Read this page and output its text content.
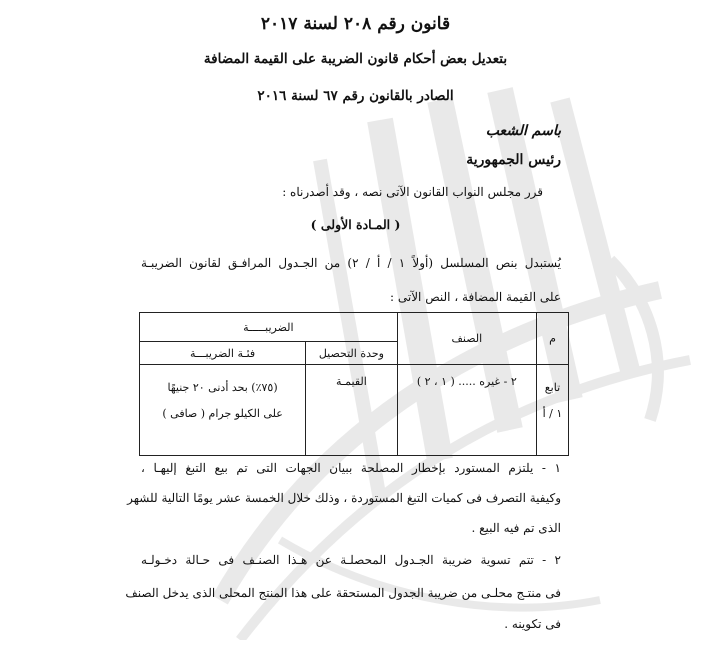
قانون رقم ٢٠٨ لسنة ٢٠١٧
بتعديل بعض أحكام قانون الضريبة على القيمة المضافة
الصادر بالقانون رقم ٦٧ لسنة ٢٠١٦
باسم الشعب
رئيس الجمهورية
قرر مجلس النواب القانون الآتى نصه ، وقد أصدرناه :
( المـادة الأولى )
يُستبدل بنص المسلسل (أولاً ١ / أ / ٢) من الجـدول المرافـق لقانون الضريبـة
على القيمة المضافة ، النص الآتى :
م	الصنف	الضريبـــــة	
		وحدة التحصيل	فئـة الضريبـــة

تابع
١ / أ	٢ - غيره ..... ( ١ ، ٢ )	القيمـة	(٧٥٪) بحد أدنى ٢٠ جنيهًا
على الكيلو جرام ( صافى )
١ - يلتزم المستورد بإخطار المصلحة ببيان الجهات التى تم بيع التبغ إليهـا ،
وكيفية التصرف فى كميات التبغ المستوردة ، وذلك خلال الخمسة عشر يومًا التالية للشهر
الذى تم فيه البيع .
٢ - تتم تسوية ضريبة الجـدول المحصلـة عن هـذا الصنـف فى حـالة دخـولـه
فى منتـج محلـى من ضريبة الجدول المستحقة على هذا المنتج المحلى الذى يدخل الصنف
فى تكوينه .
